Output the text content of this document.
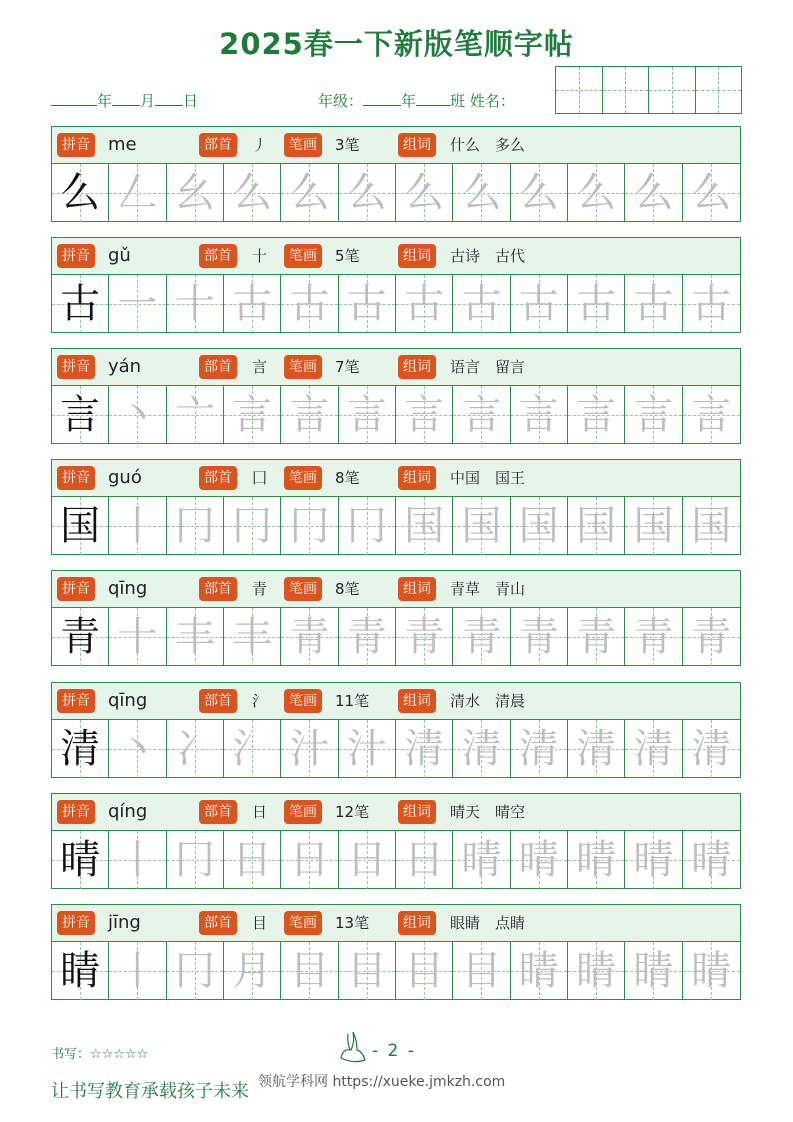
2025春一下新版笔顺字帖
年 月 日	年级：	年 班 姓名：
拼音 me	部首	丿	笔画	3笔	组词	什么　多么
么 𠃋 幺 么 么 么 么 么 么 么 么 么
拼音 gǔ	部首	十	笔画	5笔	组词	古诗　古代
古 一 十 古 古 古 古 古 古 古 古 古
拼音 yán	部首	言	笔画	7笔	组词	语言　留言
言 丶 亠 言 言 言 言 言 言 言 言 言
拼音 guó	部首	囗	笔画	8笔	组词	中国　国王
国 丨 冂 冂 冂 冂 国 国 国 国 国 国
拼音 qīng	部首	青	笔画	8笔	组词	青草　青山
青 十 丰 丰 青 青 青 青 青 青 青 青
拼音 qīng	部首	氵	笔画	11笔	组词	清水　清晨
清 丶 冫 氵 汁 汁 清 清 清 清 清 清
拼音 qíng	部首	日	笔画	12笔	组词	晴天　晴空
晴 丨 冂 日 日 日 日 晴 晴 晴 晴 晴
拼音 jīng	部首	目	笔画	13笔	组词	眼睛　点睛
睛 丨 冂 月 目 目 目 目 睛 睛 睛 睛
书写：☆☆☆☆☆	- 2 -
领航学科网 https://xueke.jmkzh.com
让书写教育承载孩子未来
